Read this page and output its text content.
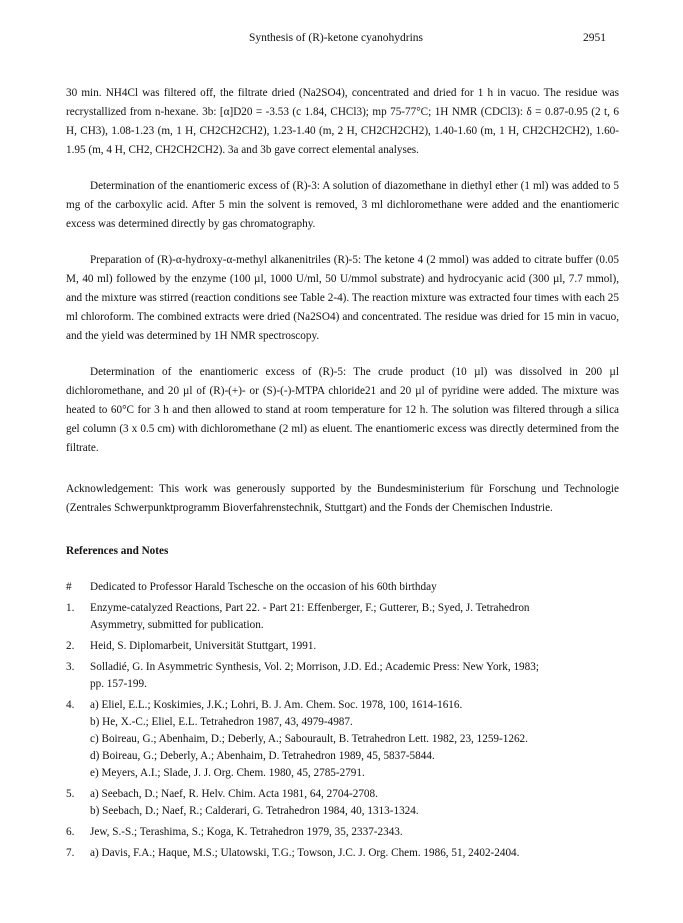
Synthesis of (R)-ketone cyanohydrins	2951

30 min. NH4Cl was filtered off, the filtrate dried (Na2SO4), concentrated and dried for 1 h in vacuo. The residue was recrystallized from n-hexane. 3b: [α]D20 = -3.53 (c 1.84, CHCl3); mp 75-77°C; 1H NMR (CDCl3): δ = 0.87-0.95 (2 t, 6 H, CH3), 1.08-1.23 (m, 1 H, CH2CH2CH2), 1.23-1.40 (m, 2 H, CH2CH2CH2), 1.40-1.60 (m, 1 H, CH2CH2CH2), 1.60-1.95 (m, 4 H, CH2, CH2CH2CH2). 3a and 3b gave correct elemental analyses.

Determination of the enantiomeric excess of (R)-3: A solution of diazomethane in diethyl ether (1 ml) was added to 5 mg of the carboxylic acid. After 5 min the solvent is removed, 3 ml dichloromethane were added and the enantiomeric excess was determined directly by gas chromatography.

Preparation of (R)-α-hydroxy-α-methyl alkanenitriles (R)-5: The ketone 4 (2 mmol) was added to citrate buffer (0.05 M, 40 ml) followed by the enzyme (100 µl, 1000 U/ml, 50 U/mmol substrate) and hydrocyanic acid (300 µl, 7.7 mmol), and the mixture was stirred (reaction conditions see Table 2-4). The reaction mixture was extracted four times with each 25 ml chloroform. The combined extracts were dried (Na2SO4) and concentrated. The residue was dried for 15 min in vacuo, and the yield was determined by 1H NMR spectroscopy.

Determination of the enantiomeric excess of (R)-5: The crude product (10 µl) was dissolved in 200 µl dichloromethane, and 20 µl of (R)-(+)- or (S)-(-)-MTPA chloride21 and 20 µl of pyridine were added. The mixture was heated to 60°C for 3 h and then allowed to stand at room temperature for 12 h. The solution was filtered through a silica gel column (3 x 0.5 cm) with dichloromethane (2 ml) as eluent. The enantiomeric excess was directly determined from the filtrate.

Acknowledgement: This work was generously supported by the Bundesministerium für Forschung und Technologie (Zentrales Schwerpunktprogramm Bioverfahrenstechnik, Stuttgart) and the Fonds der Chemischen Industrie.

References and Notes

# Dedicated to Professor Harald Tschesche on the occasion of his 60th birthday
1. Enzyme-catalyzed Reactions, Part 22. - Part 21: Effenberger, F.; Gutterer, B.; Syed, J. Tetrahedron
Asymmetry, submitted for publication.
2. Heid, S. Diplomarbeit, Universität Stuttgart, 1991.
3. Solladié, G. In Asymmetric Synthesis, Vol. 2; Morrison, J.D. Ed.; Academic Press: New York, 1983;
pp. 157-199.
4. a) Eliel, E.L.; Koskimies, J.K.; Lohri, B. J. Am. Chem. Soc. 1978, 100, 1614-1616.
b) He, X.-C.; Eliel, E.L. Tetrahedron 1987, 43, 4979-4987.
c) Boireau, G.; Abenhaim, D.; Deberly, A.; Sabourault, B. Tetrahedron Lett. 1982, 23, 1259-1262.
d) Boireau, G.; Deberly, A.; Abenhaim, D. Tetrahedron 1989, 45, 5837-5844.
e) Meyers, A.I.; Slade, J. J. Org. Chem. 1980, 45, 2785-2791.
5. a) Seebach, D.; Naef, R. Helv. Chim. Acta 1981, 64, 2704-2708.
b) Seebach, D.; Naef, R.; Calderari, G. Tetrahedron 1984, 40, 1313-1324.
6. Jew, S.-S.; Terashima, S.; Koga, K. Tetrahedron 1979, 35, 2337-2343.
7. a) Davis, F.A.; Haque, M.S.; Ulatowski, T.G.; Towson, J.C. J. Org. Chem. 1986, 51, 2402-2404.
